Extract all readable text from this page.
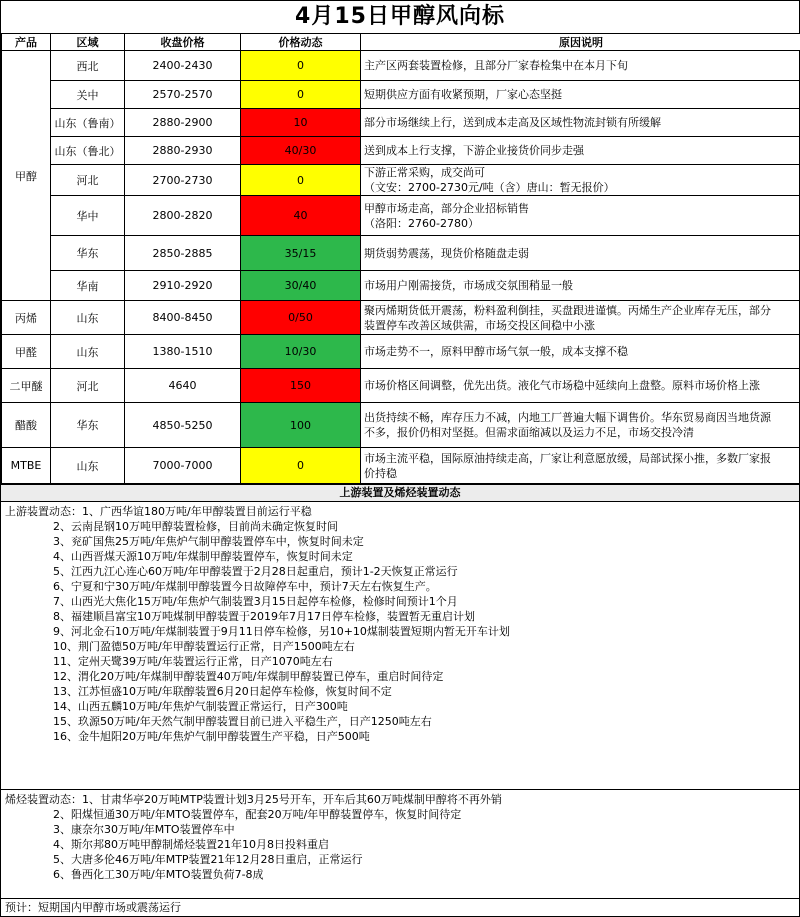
4月15日甲醇风向标
产品	区域	收盘价格	价格动态	原因说明
甲醇	西北	2400-2430	0	主产区两套装置检修，且部分厂家春检集中在本月下旬

	关中	2570-2570	0	短期供应方面有收紧预期，厂家心态坚挺

	山东（鲁南）	2880-2900	10	部分市场继续上行，送到成本走高及区域性物流封锁有所缓解

	山东（鲁北）	2880-2930	40/30	送到成本上行支撑，下游企业接货价同步走强

	河北	2700-2730	0	下游正常采购，成交尚可
（文安：2700-2730元/吨（含）唐山：暂无报价）

	华中	2800-2820	40	甲醇市场走高，部分企业招标销售
（洛阳：2760-2780）

	华东	2850-2885	35/15	期货弱势震荡，现货价格随盘走弱

	华南	2910-2920	30/40	市场用户刚需接货，市场成交氛围稍显一般

丙烯	山东	8400-8450	0/50	聚丙烯期货低开震荡，粉料盈利倒挂，买盘跟进谨慎。丙烯生产企业库存无压，部分
装置停车改善区域供需，市场交投区间稳中小涨

甲醛	山东	1380-1510	10/30	市场走势不一，原料甲醇市场气氛一般，成本支撑不稳

二甲醚	河北	4640	150	市场价格区间调整，优先出货。液化气市场稳中延续向上盘整。原料市场价格上涨

醋酸	华东	4850-5250	100	出货持续不畅，库存压力不减，内地工厂普遍大幅下调售价。华东贸易商因当地货源
不多，报价仍相对坚挺。但需求面缩减以及运力不足，市场交投冷清

MTBE	山东	7000-7000	0	市场主流平稳，国际原油持续走高，厂家让利意愿放缓，局部试探小推，多数厂家报
价持稳
上游装置及烯烃装置动态
上游装置动态：1、广西华谊180万吨/年甲醇装置目前运行平稳
2、云南昆钢10万吨甲醇装置检修，目前尚未确定恢复时间
3、兖矿国焦25万吨/年焦炉气制甲醇装置停车中，恢复时间未定
4、山西晋煤天源10万吨/年煤制甲醇装置停车，恢复时间未定
5、江西九江心连心60万吨/年甲醇装置于2月28日起重启，预计1-2天恢复正常运行
6、宁夏和宁30万吨/年煤制甲醇装置今日故障停车中，预计7天左右恢复生产。
7、山西光大焦化15万吨/年焦炉气制装置3月15日起停车检修，检修时间预计1个月
8、福建顺昌富宝10万吨煤制甲醇装置于2019年7月17日停车检修，装置暂无重启计划
9、河北金石10万吨/年煤制装置于9月11日停车检修，另10+10煤制装置短期内暂无开车计划
10、荆门盈德50万吨/年甲醇装置运行正常，日产1500吨左右
11、定州天鹭39万吨/年装置运行正常，日产1070吨左右
12、渭化20万吨/年煤制甲醇装置40万吨/年煤制甲醇装置已停车，重启时间待定
13、江苏恒盛10万吨/年联醇装置6月20日起停车检修，恢复时间不定
14、山西五麟10万吨/年焦炉气制装置正常运行，日产300吨
15、玖源50万吨/年天然气制甲醇装置目前已进入平稳生产，日产1250吨左右
16、金牛旭阳20万吨/年焦炉气制甲醇装置生产平稳，日产500吨
烯烃装置动态：1、甘肃华亭20万吨MTP装置计划3月25号开车，开车后其60万吨煤制甲醇将不再外销
2、阳煤恒通30万吨/年MTO装置停车，配套20万吨/年甲醇装置停车，恢复时间待定
3、康奈尔30万吨/年MTO装置停车中
4、斯尔邦80万吨甲醇制烯烃装置21年10月8日投料重启
5、大唐多伦46万吨/年MTP装置21年12月28日重启，正常运行
6、鲁西化工30万吨/年MTO装置负荷7-8成
预计：短期国内甲醇市场或震荡运行
